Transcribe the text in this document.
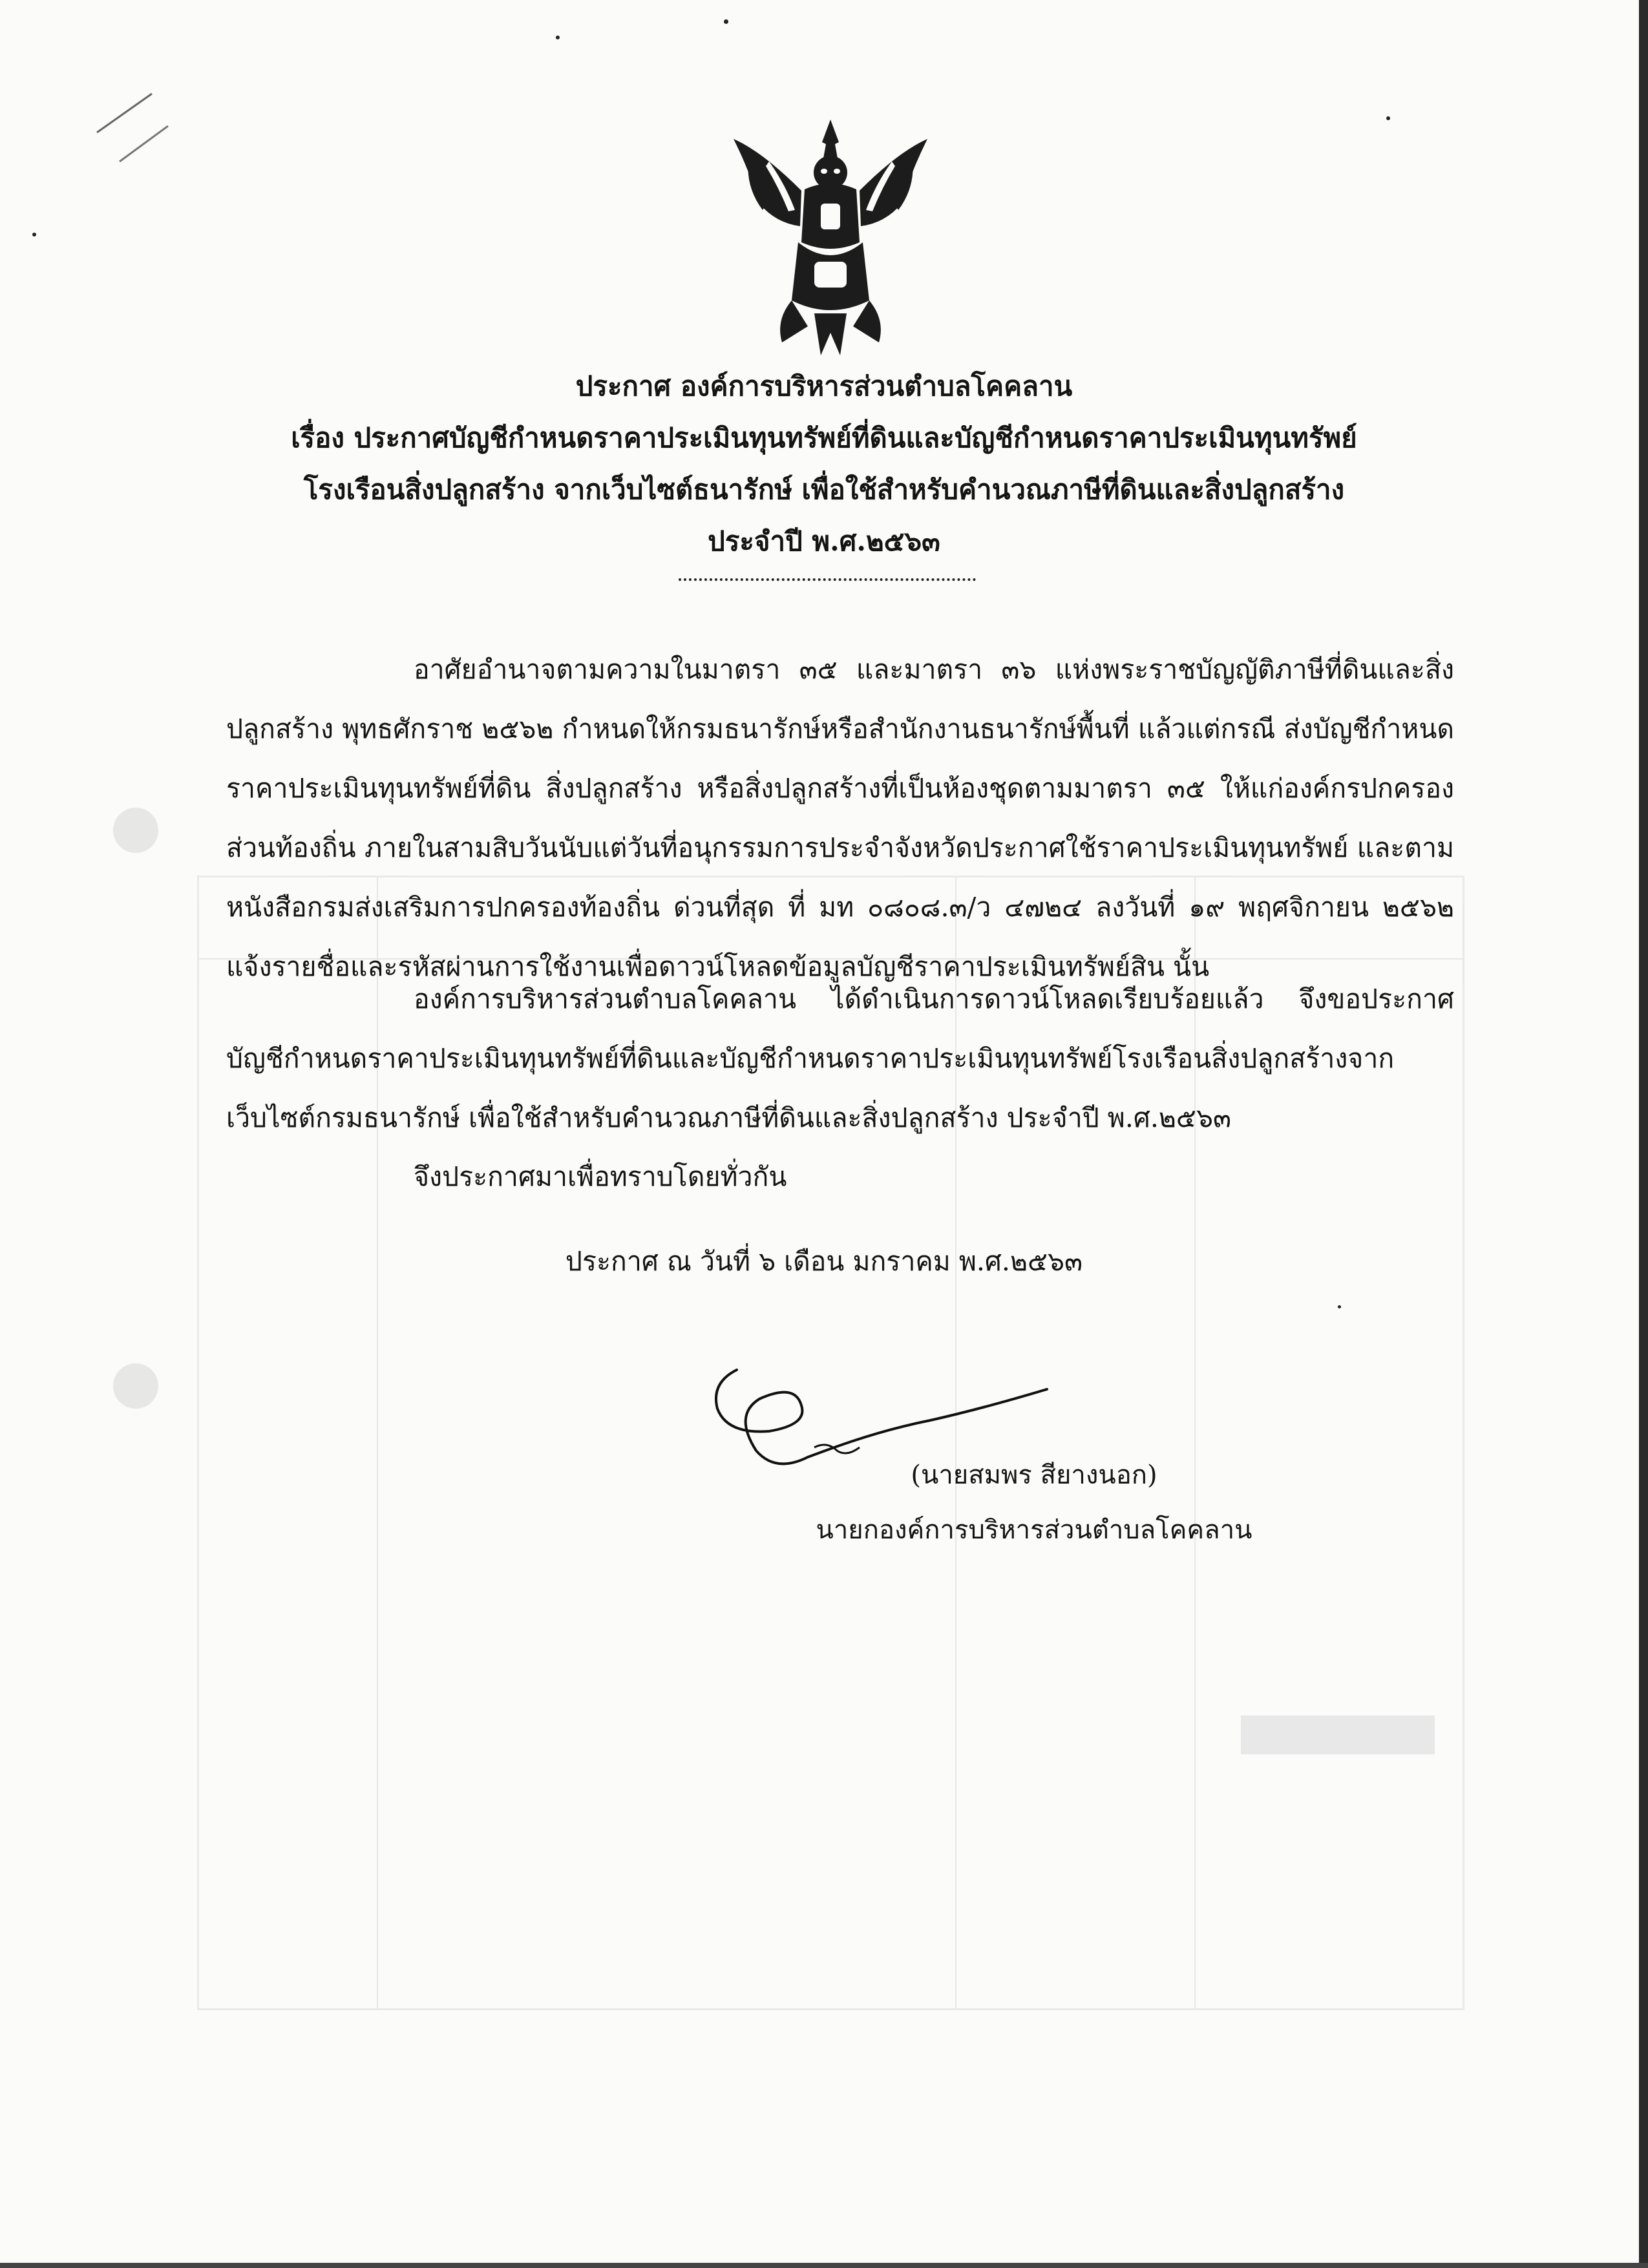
ประกาศ องค์การบริหารส่วนตำบลโคคลาน
เรื่อง ประกาศบัญชีกำหนดราคาประเมินทุนทรัพย์ที่ดินและบัญชีกำหนดราคาประเมินทุนทรัพย์
โรงเรือนสิ่งปลูกสร้าง จากเว็บไซต์ธนารักษ์ เพื่อใช้สำหรับคำนวณภาษีที่ดินและสิ่งปลูกสร้าง
ประจำปี พ.ศ.๒๕๖๓
อาศัยอำนาจตามความในมาตรา ๓๕ และมาตรา ๓๖ แห่งพระราชบัญญัติภาษีที่ดินและสิ่งปลูกสร้าง พุทธศักราช ๒๕๖๒ กำหนดให้กรมธนารักษ์หรือสำนักงานธนารักษ์พื้นที่ แล้วแต่กรณี ส่งบัญชีกำหนดราคาประเมินทุนทรัพย์ที่ดิน สิ่งปลูกสร้าง หรือสิ่งปลูกสร้างที่เป็นห้องชุดตามมาตรา ๓๕ ให้แก่องค์กรปกครองส่วนท้องถิ่น ภายในสามสิบวันนับแต่วันที่อนุกรรมการประจำจังหวัดประกาศใช้ราคาประเมินทุนทรัพย์ และตามหนังสือกรมส่งเสริมการปกครองท้องถิ่น ด่วนที่สุด ที่ มท ๐๘๐๘.๓/ว ๔๗๒๔ ลงวันที่ ๑๙ พฤศจิกายน ๒๕๖๒ แจ้งรายชื่อและรหัสผ่านการใช้งานเพื่อดาวน์โหลดข้อมูลบัญชีราคาประเมินทรัพย์สิน นั้น
องค์การบริหารส่วนตำบลโคคลาน ได้ดำเนินการดาวน์โหลดเรียบร้อยแล้ว จึงขอประกาศบัญชีกำหนดราคาประเมินทุนทรัพย์ที่ดินและบัญชีกำหนดราคาประเมินทุนทรัพย์โรงเรือนสิ่งปลูกสร้างจากเว็บไซต์กรมธนารักษ์ เพื่อใช้สำหรับคำนวณภาษีที่ดินและสิ่งปลูกสร้าง ประจำปี พ.ศ.๒๕๖๓
จึงประกาศมาเพื่อทราบโดยทั่วกัน
ประกาศ ณ วันที่ ๖ เดือน มกราคม พ.ศ.๒๕๖๓
(นายสมพร สียางนอก)
นายกองค์การบริหารส่วนตำบลโคคลาน
